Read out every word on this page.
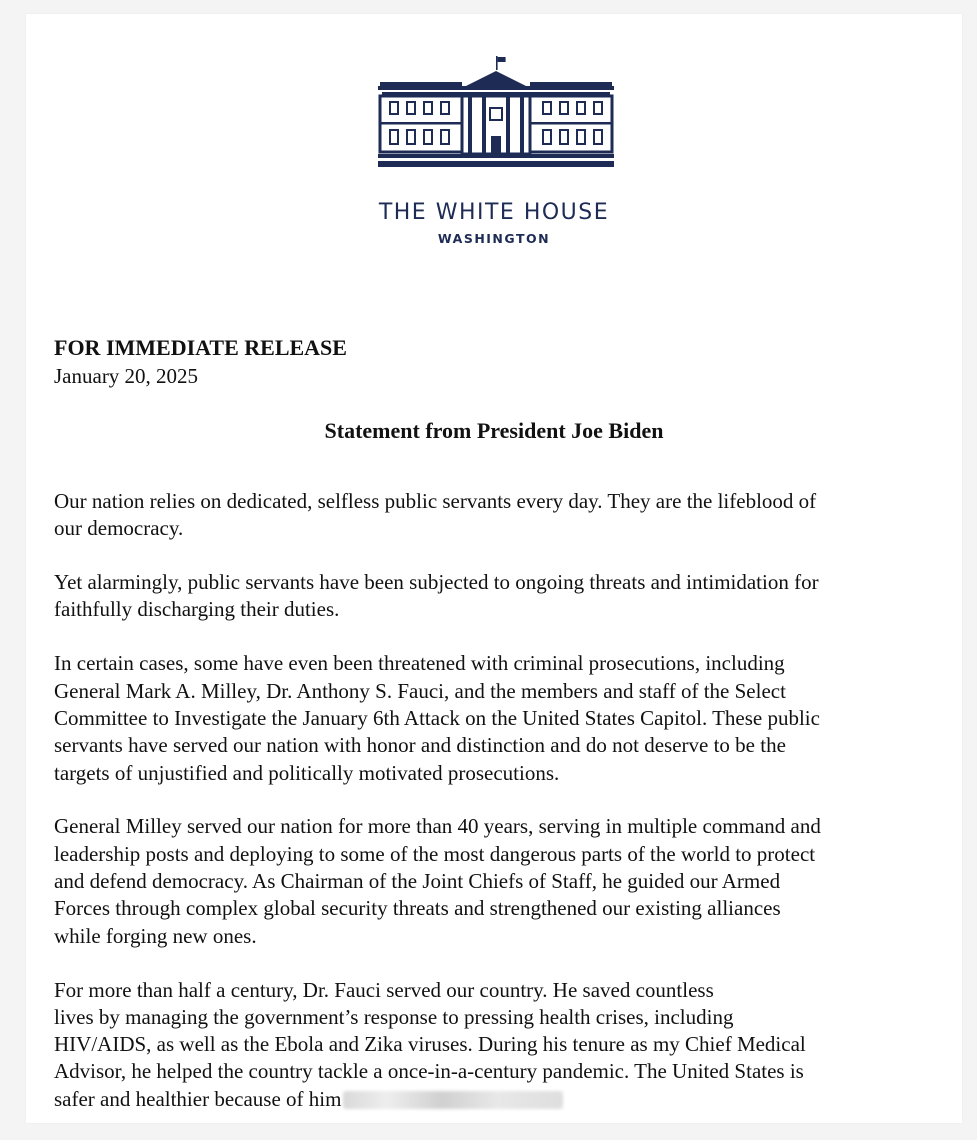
THE WHITE HOUSE
WASHINGTON
FOR IMMEDIATE RELEASE
January 20, 2025
Statement from President Joe Biden

Our nation relies on dedicated, selfless public servants every day. They are the lifeblood of
our democracy.

Yet alarmingly, public servants have been subjected to ongoing threats and intimidation for
faithfully discharging their duties.

In certain cases, some have even been threatened with criminal prosecutions, including
General Mark A. Milley, Dr. Anthony S. Fauci, and the members and staff of the Select
Committee to Investigate the January 6th Attack on the United States Capitol. These public
servants have served our nation with honor and distinction and do not deserve to be the
targets of unjustified and politically motivated prosecutions.

General Milley served our nation for more than 40 years, serving in multiple command and
leadership posts and deploying to some of the most dangerous parts of the world to protect
and defend democracy. As Chairman of the Joint Chiefs of Staff, he guided our Armed
Forces through complex global security threats and strengthened our existing alliances
while forging new ones.

For more than half a century, Dr. Fauci served our country. He saved countless
lives by managing the government’s response to pressing health crises, including
HIV/AIDS, as well as the Ebola and Zika viruses. During his tenure as my Chief Medical
Advisor, he helped the country tackle a once-in-a-century pandemic. The United States is
safer and healthier because of him
